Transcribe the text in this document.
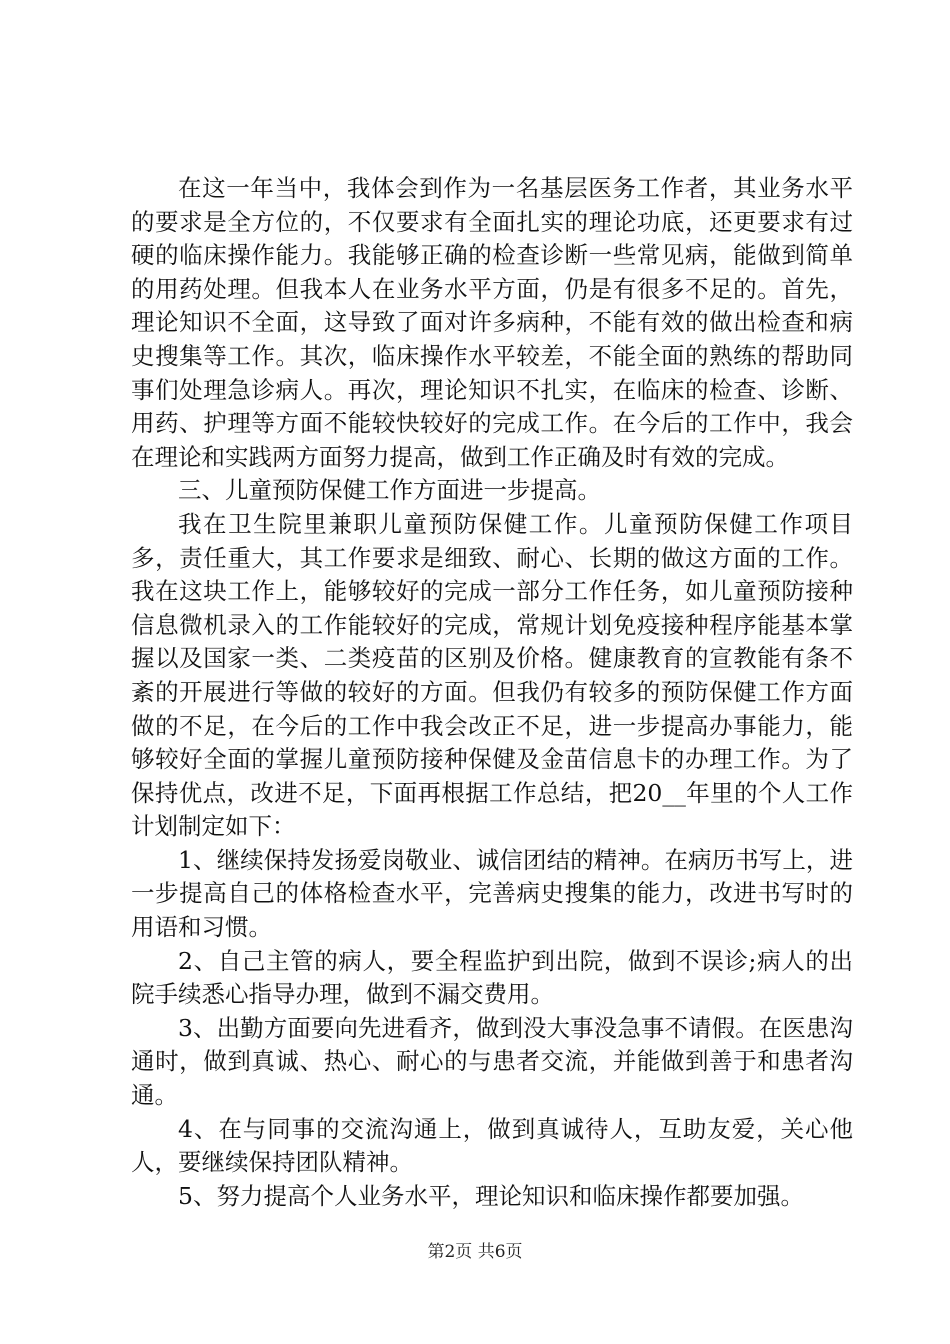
在这一年当中，我体会到作为一名基层医务工作者，其业务水平的要求是全方位的，不仅要求有全面扎实的理论功底，还更要求有过硬的临床操作能力。我能够正确的检查诊断一些常见病，能做到简单的用药处理。但我本人在业务水平方面，仍是有很多不足的。首先，理论知识不全面，这导致了面对许多病种，不能有效的做出检查和病史搜集等工作。其次，临床操作水平较差，不能全面的熟练的帮助同事们处理急诊病人。再次，理论知识不扎实，在临床的检查、诊断、用药、护理等方面不能较快较好的完成工作。在今后的工作中，我会在理论和实践两方面努力提高，做到工作正确及时有效的完成。

三、儿童预防保健工作方面进一步提高。

我在卫生院里兼职儿童预防保健工作。儿童预防保健工作项目多，责任重大，其工作要求是细致、耐心、长期的做这方面的工作。我在这块工作上，能够较好的完成一部分工作任务，如儿童预防接种信息微机录入的工作能较好的完成，常规计划免疫接种程序能基本掌握以及国家一类、二类疫苗的区别及价格。健康教育的宣教能有条不紊的开展进行等做的较好的方面。但我仍有较多的预防保健工作方面做的不足，在今后的工作中我会改正不足，进一步提高办事能力，能够较好全面的掌握儿童预防接种保健及金苗信息卡的办理工作。为了保持优点，改进不足，下面再根据工作总结，把20__年里的个人工作计划制定如下：

1、继续保持发扬爱岗敬业、诚信团结的精神。在病历书写上，进一步提高自己的体格检查水平，完善病史搜集的能力，改进书写时的用语和习惯。

2、自己主管的病人，要全程监护到出院，做到不误诊;病人的出院手续悉心指导办理，做到不漏交费用。

3、出勤方面要向先进看齐，做到没大事没急事不请假。在医患沟通时，做到真诚、热心、耐心的与患者交流，并能做到善于和患者沟通。

4、在与同事的交流沟通上，做到真诚待人，互助友爱，关心他人，要继续保持团队精神。

5、努力提高个人业务水平，理论知识和临床操作都要加强。

第2页 共6页
